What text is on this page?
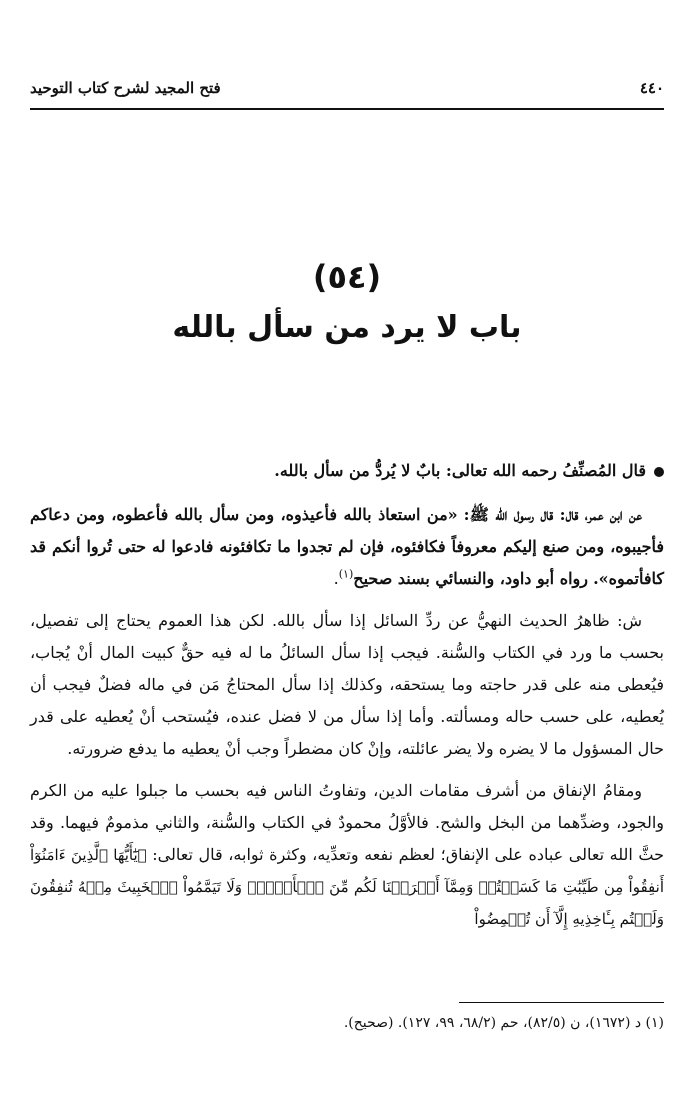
٤٤٠
فتح المجيد لشرح كتاب التوحيد
(٥٤)
باب لا يرد من سأل بالله
قال المُصنِّفُ رحمه الله تعالى: بابٌ لا يُردُّ من سأل بالله.

عن ابن عمر، قال: قال رسول الله ﷺ: «من استعاذ بالله فأعيذوه، ومن سأل بالله فأعطوه، ومن دعاكم فأجيبوه، ومن صنع إليكم معروفاً فكافئوه، فإن لم تجدوا ما تكافئونه فادعوا له حتى تُروا أنكم قد كافأتموه». رواه أبو داود، والنسائي بسند صحيح$^{(١)}$.

ش: ظاهرُ الحديث النهيُّ عن ردِّ السائل إذا سأل بالله. لكن هذا العموم يحتاج إلى تفصيل، بحسب ما ورد في الكتاب والسُّنة. فيجب إذا سأل السائلُ ما له فيه حقٌّ كبيت المال أنْ يُجاب، فيُعطى منه على قدر حاجته وما يستحقه، وكذلك إذا سأل المحتاجُ مَن في ماله فضلٌ فيجب أن يُعطيه، على حسب حاله ومسألته. وأما إذا سأل من لا فضل عنده، فيُستحب أنْ يُعطيه على قدر حال المسؤول ما لا يضره ولا يضر عائلته، وإنْ كان مضطراً وجب أنْ يعطيه ما يدفع ضرورته.

ومقامُ الإنفاق من أشرف مقامات الدين، وتفاوتُ الناس فيه بحسب ما جبلوا عليه من الكرم والجود، وضدِّهما من البخل والشح. فالأوَّلُ محمودٌ في الكتاب والسُّنة، والثاني مذمومٌ فيهما. وقد حثَّ الله تعالى عباده على الإنفاق؛ لعظم نفعه وتعدِّيه، وكثرة ثوابه، قال تعالى: ﴿يَٰٓأَيُّهَا ٱلَّذِينَ ءَامَنُوٓاْ أَنفِقُواْ مِن طَيِّبَٰتِ مَا كَسَبۡتُمۡ وَمِمَّآ أَخۡرَجۡنَا لَكُم مِّنَ ٱلۡأَرۡضِۖ وَلَا تَيَمَّمُواْ ٱلۡخَبِيثَ مِنۡهُ تُنفِقُونَ وَلَسۡتُم بِـَٔاخِذِيهِ إِلَّآ أَن تُغۡمِضُواْ

(١) د (١٦٧٢)، ن (٨٢/٥)، حم (٦٨/٢، ٩٩، ١٢٧). (صحيح).
